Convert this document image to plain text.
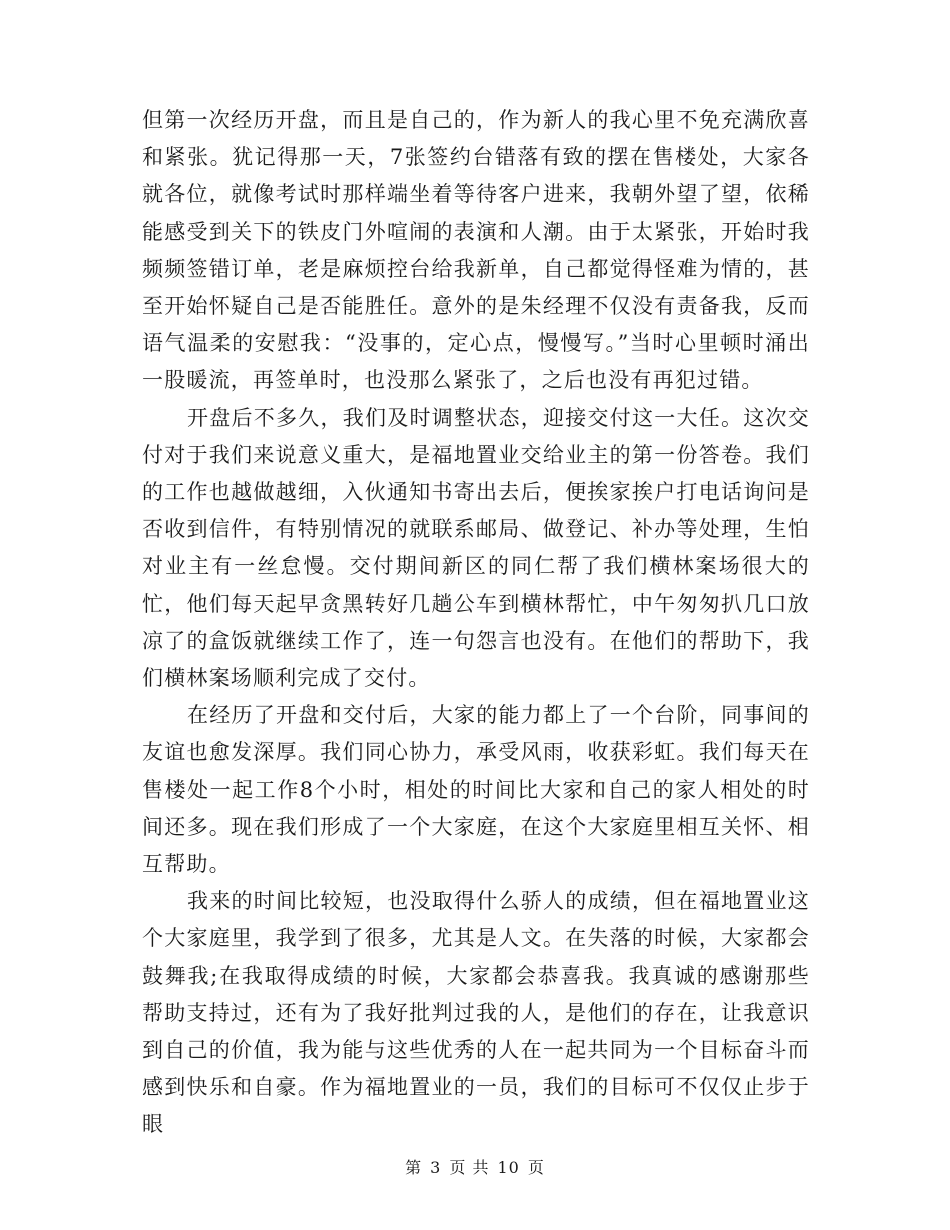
但第一次经历开盘，而且是自己的，作为新人的我心里不免充满欣喜和紧张。犹记得那一天，7张签约台错落有致的摆在售楼处，大家各就各位，就像考试时那样端坐着等待客户进来，我朝外望了望，依稀能感受到关下的铁皮门外喧闹的表演和人潮。由于太紧张，开始时我频频签错订单，老是麻烦控台给我新单，自己都觉得怪难为情的，甚至开始怀疑自己是否能胜任。意外的是朱经理不仅没有责备我，反而语气温柔的安慰我：“没事的，定心点，慢慢写。”当时心里顿时涌出一股暖流，再签单时，也没那么紧张了，之后也没有再犯过错。

开盘后不多久，我们及时调整状态，迎接交付这一大任。这次交付对于我们来说意义重大，是福地置业交给业主的第一份答卷。我们的工作也越做越细，入伙通知书寄出去后，便挨家挨户打电话询问是否收到信件，有特别情况的就联系邮局、做登记、补办等处理，生怕对业主有一丝怠慢。交付期间新区的同仁帮了我们横林案场很大的忙，他们每天起早贪黑转好几趟公车到横林帮忙，中午匆匆扒几口放凉了的盒饭就继续工作了，连一句怨言也没有。在他们的帮助下，我 们横林案场顺利完成了交付。

在经历了开盘和交付后，大家的能力都上了一个台阶，同事间的友谊也愈发深厚。我们同心协力，承受风雨，收获彩虹。我们每天在售楼处一起工作8个小时，相处的时间比大家和自己的家人相处的时间还多。现在我们形成了一个大家庭，在这个大家庭里相互关怀、相互帮助。

我来的时间比较短，也没取得什么骄人的成绩，但在福地置业这个大家庭里，我学到了很多，尤其是人文。在失落的时候，大家都会鼓舞我;在我取得成绩的时候，大家都会恭喜我。我真诚的感谢那些帮助支持过，还有为了我好批判过我的人，是他们的存在，让我意识到自己的价值，我为能与这些优秀的人在一起共同为一个目标奋斗而感到快乐和自豪。作为福地置业的一员，我们的目标可不仅仅止步于眼

第 3 页 共 10 页
